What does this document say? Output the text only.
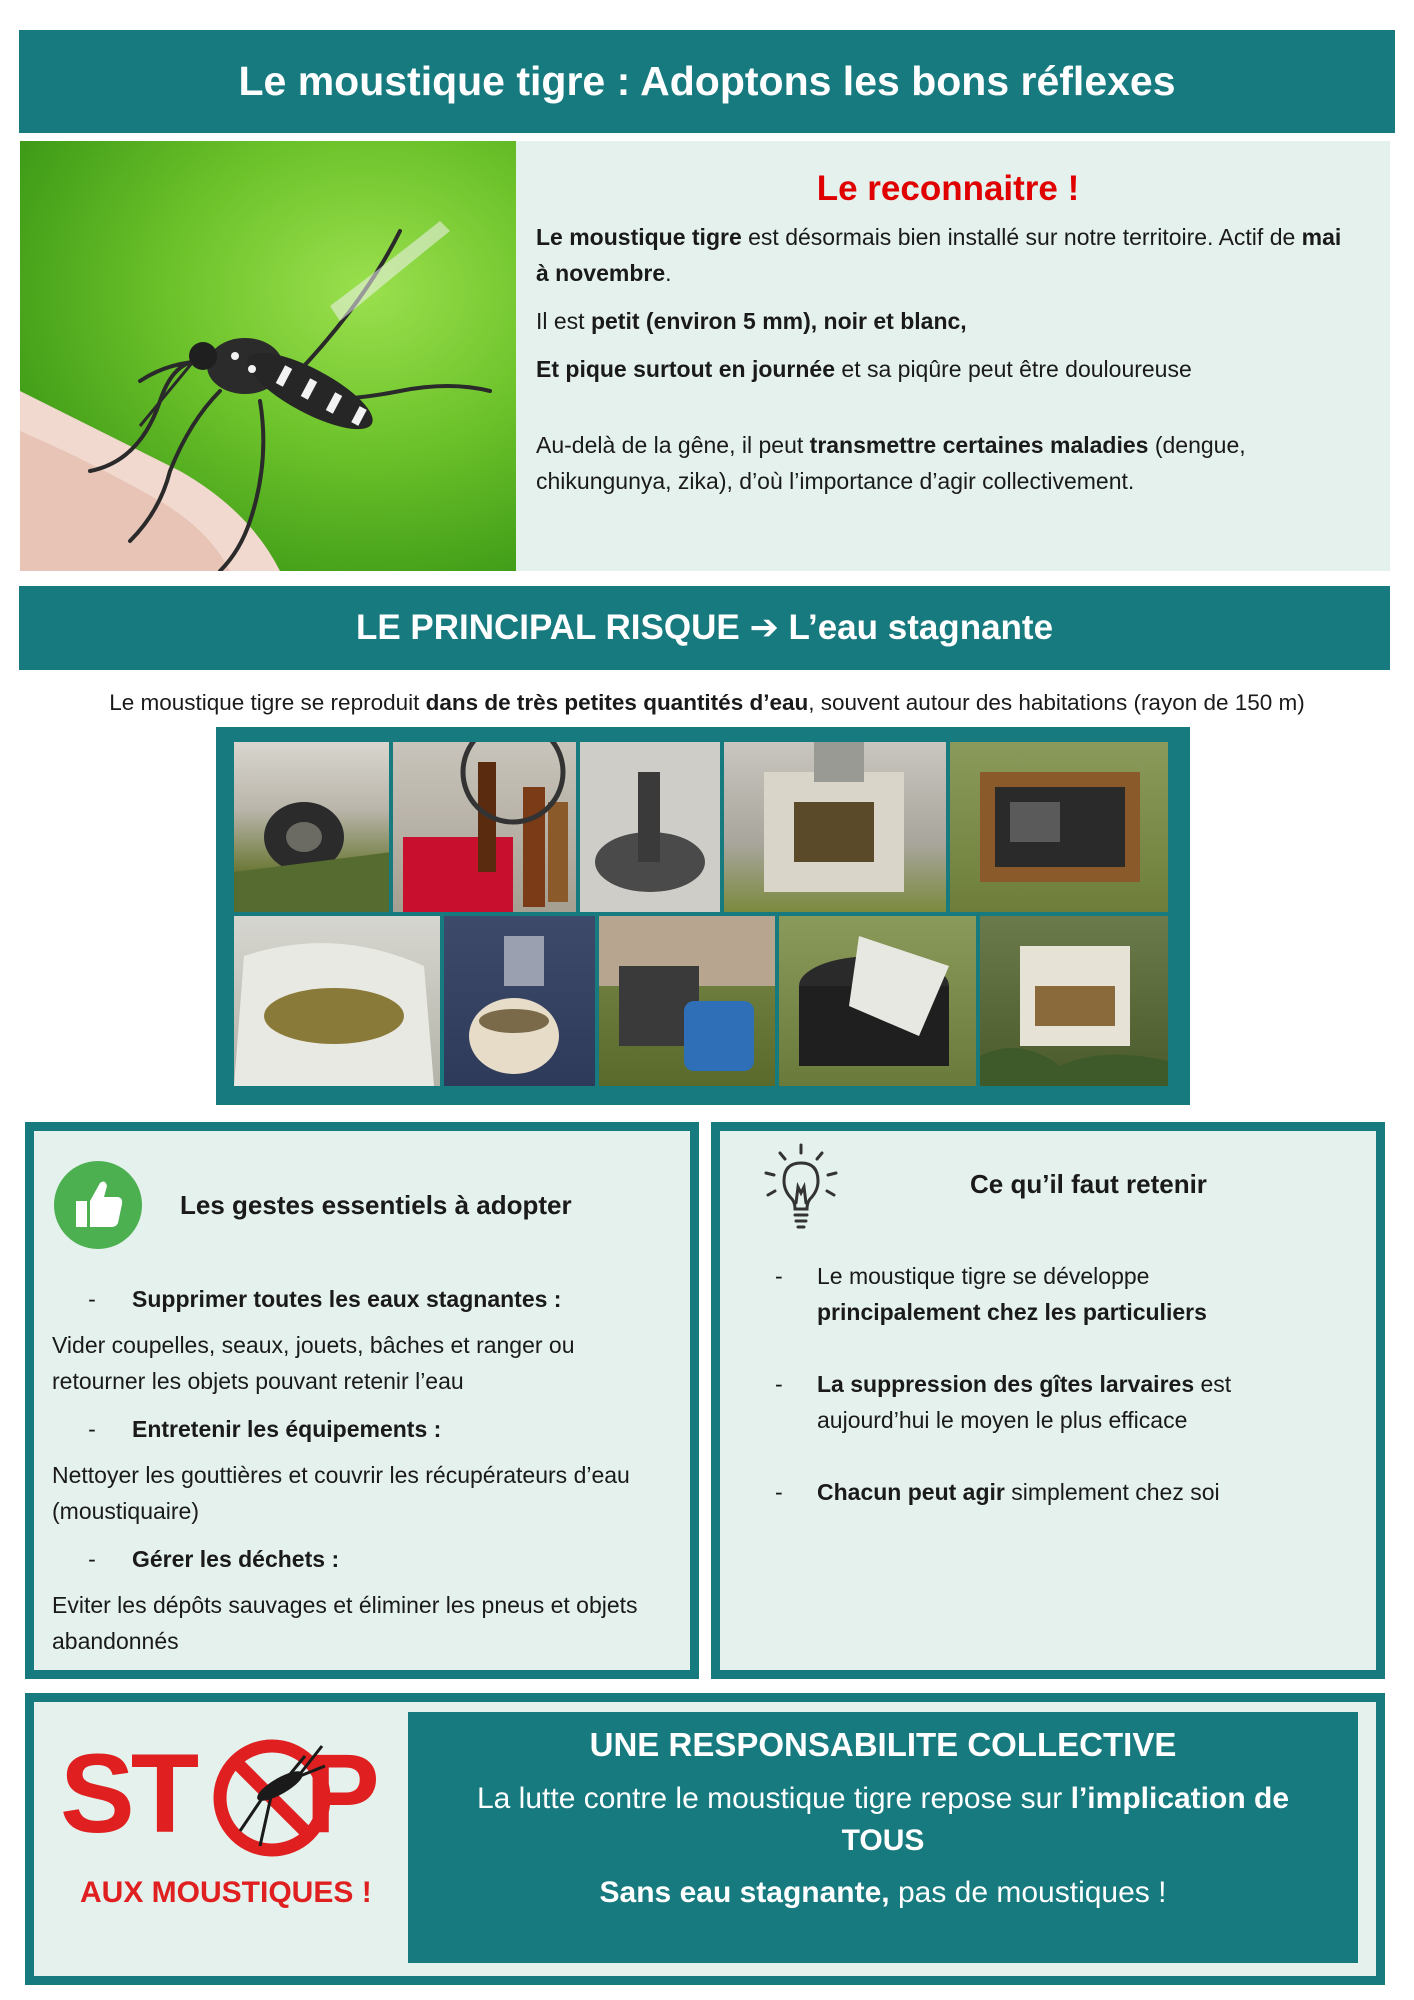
Le moustique tigre : Adoptons les bons réflexes
Le reconnaitre !

Le moustique tigre est désormais bien installé sur notre territoire. Actif de mai à novembre.

Il est petit (environ 5 mm), noir et blanc,

Et pique surtout en journée et sa piqûre peut être douloureuse

Au-delà de la gêne, il peut transmettre certaines maladies (dengue, chikungunya, zika), d’où l’importance d’agir collectivement.

LE PRINCIPAL RISQUE
➔
L’eau stagnante
Le moustique tigre se reproduit dans de très petites quantités d’eau, souvent autour des habitations (rayon de 150 m)
Les gestes essentiels à adopter
-	Supprimer toutes les eaux stagnantes :
Vider coupelles, seaux, jouets, bâches et ranger ou retourner les objets pouvant retenir l’eau
-	Entretenir les équipements :
Nettoyer les gouttières et couvrir les récupérateurs d’eau (moustiquaire)
-	Gérer les déchets :
Eviter les dépôts sauvages et éliminer les pneus et objets abandonnés
Ce qu’il faut retenir
-	Le moustique tigre se développe
principalement chez les particuliers
-	La suppression des gîtes larvaires est aujourd’hui le moyen le plus efficace
-	Chacun peut agir simplement chez soi
ST P
AUX MOUSTIQUES !
UNE RESPONSABILITE COLLECTIVE
La lutte contre le moustique tigre repose sur l’implication de TOUS
Sans eau stagnante, pas de moustiques !
